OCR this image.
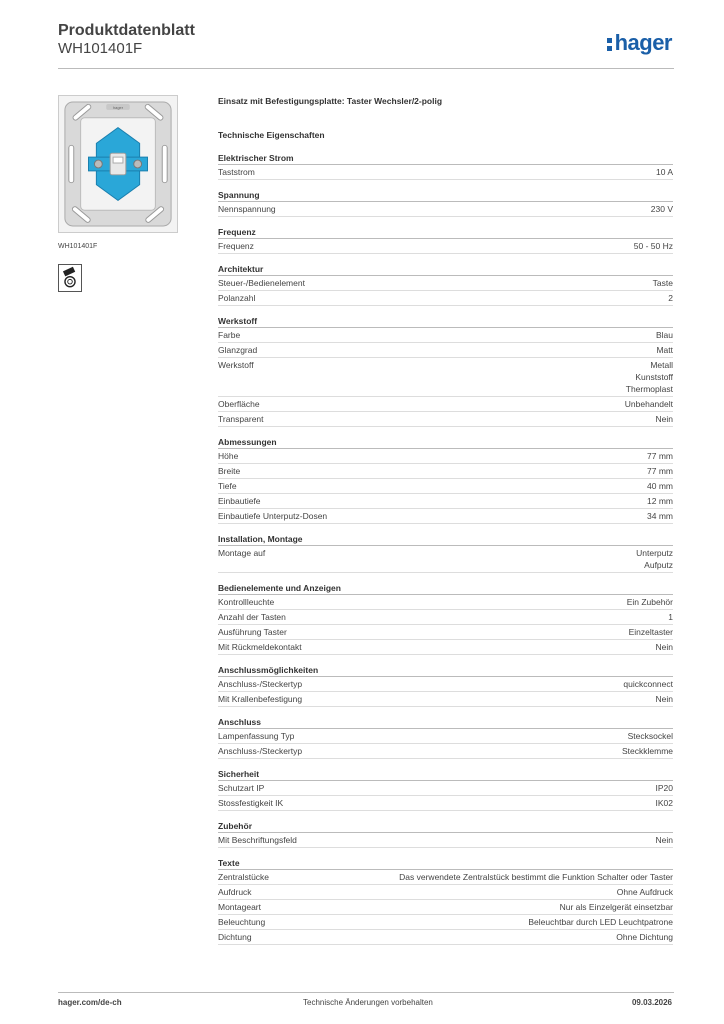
Produktdatenblatt
WH101401F	hager
hager
WH101401F
Einsatz mit Befestigungsplatte: Taster Wechsler/2-polig
Technische Eigenschaften
Elektrischer Strom
Taststrom	10 A
Spannung
Nennspannung	230 V
Frequenz
Frequenz	50 - 50 Hz
Architektur
Steuer-/Bedienelement	Taste
Polanzahl	2
Werkstoff
Farbe	Blau
Glanzgrad	Matt
Werkstoff	Metall
Kunststoff
Thermoplast
Oberfläche	Unbehandelt
Transparent	Nein
Abmessungen
Höhe	77 mm
Breite	77 mm
Tiefe	40 mm
Einbautiefe	12 mm
Einbautiefe Unterputz-Dosen	34 mm
Installation, Montage
Montage auf	Unterputz
Aufputz
Bedienelemente und Anzeigen
Kontrollleuchte	Ein Zubehör
Anzahl der Tasten	1
Ausführung Taster	Einzeltaster
Mit Rückmeldekontakt	Nein
Anschlussmöglichkeiten
Anschluss-/Steckertyp	quickconnect
Mit Krallenbefestigung	Nein
Anschluss
Lampenfassung Typ	Stecksockel
Anschluss-/Steckertyp	Steckklemme
Sicherheit
Schutzart IP	IP20
Stossfestigkeit IK	IK02
Zubehör
Mit Beschriftungsfeld	Nein
Texte
Zentralstücke	Das verwendete Zentralstück bestimmt die Funktion Schalter oder Taster
Aufdruck	Ohne Aufdruck
Montageart	Nur als Einzelgerät einsetzbar
Beleuchtung	Beleuchtbar durch LED Leuchtpatrone
Dichtung	Ohne Dichtung
hager.com/de-ch	Technische Änderungen vorbehalten	09.03.2026
